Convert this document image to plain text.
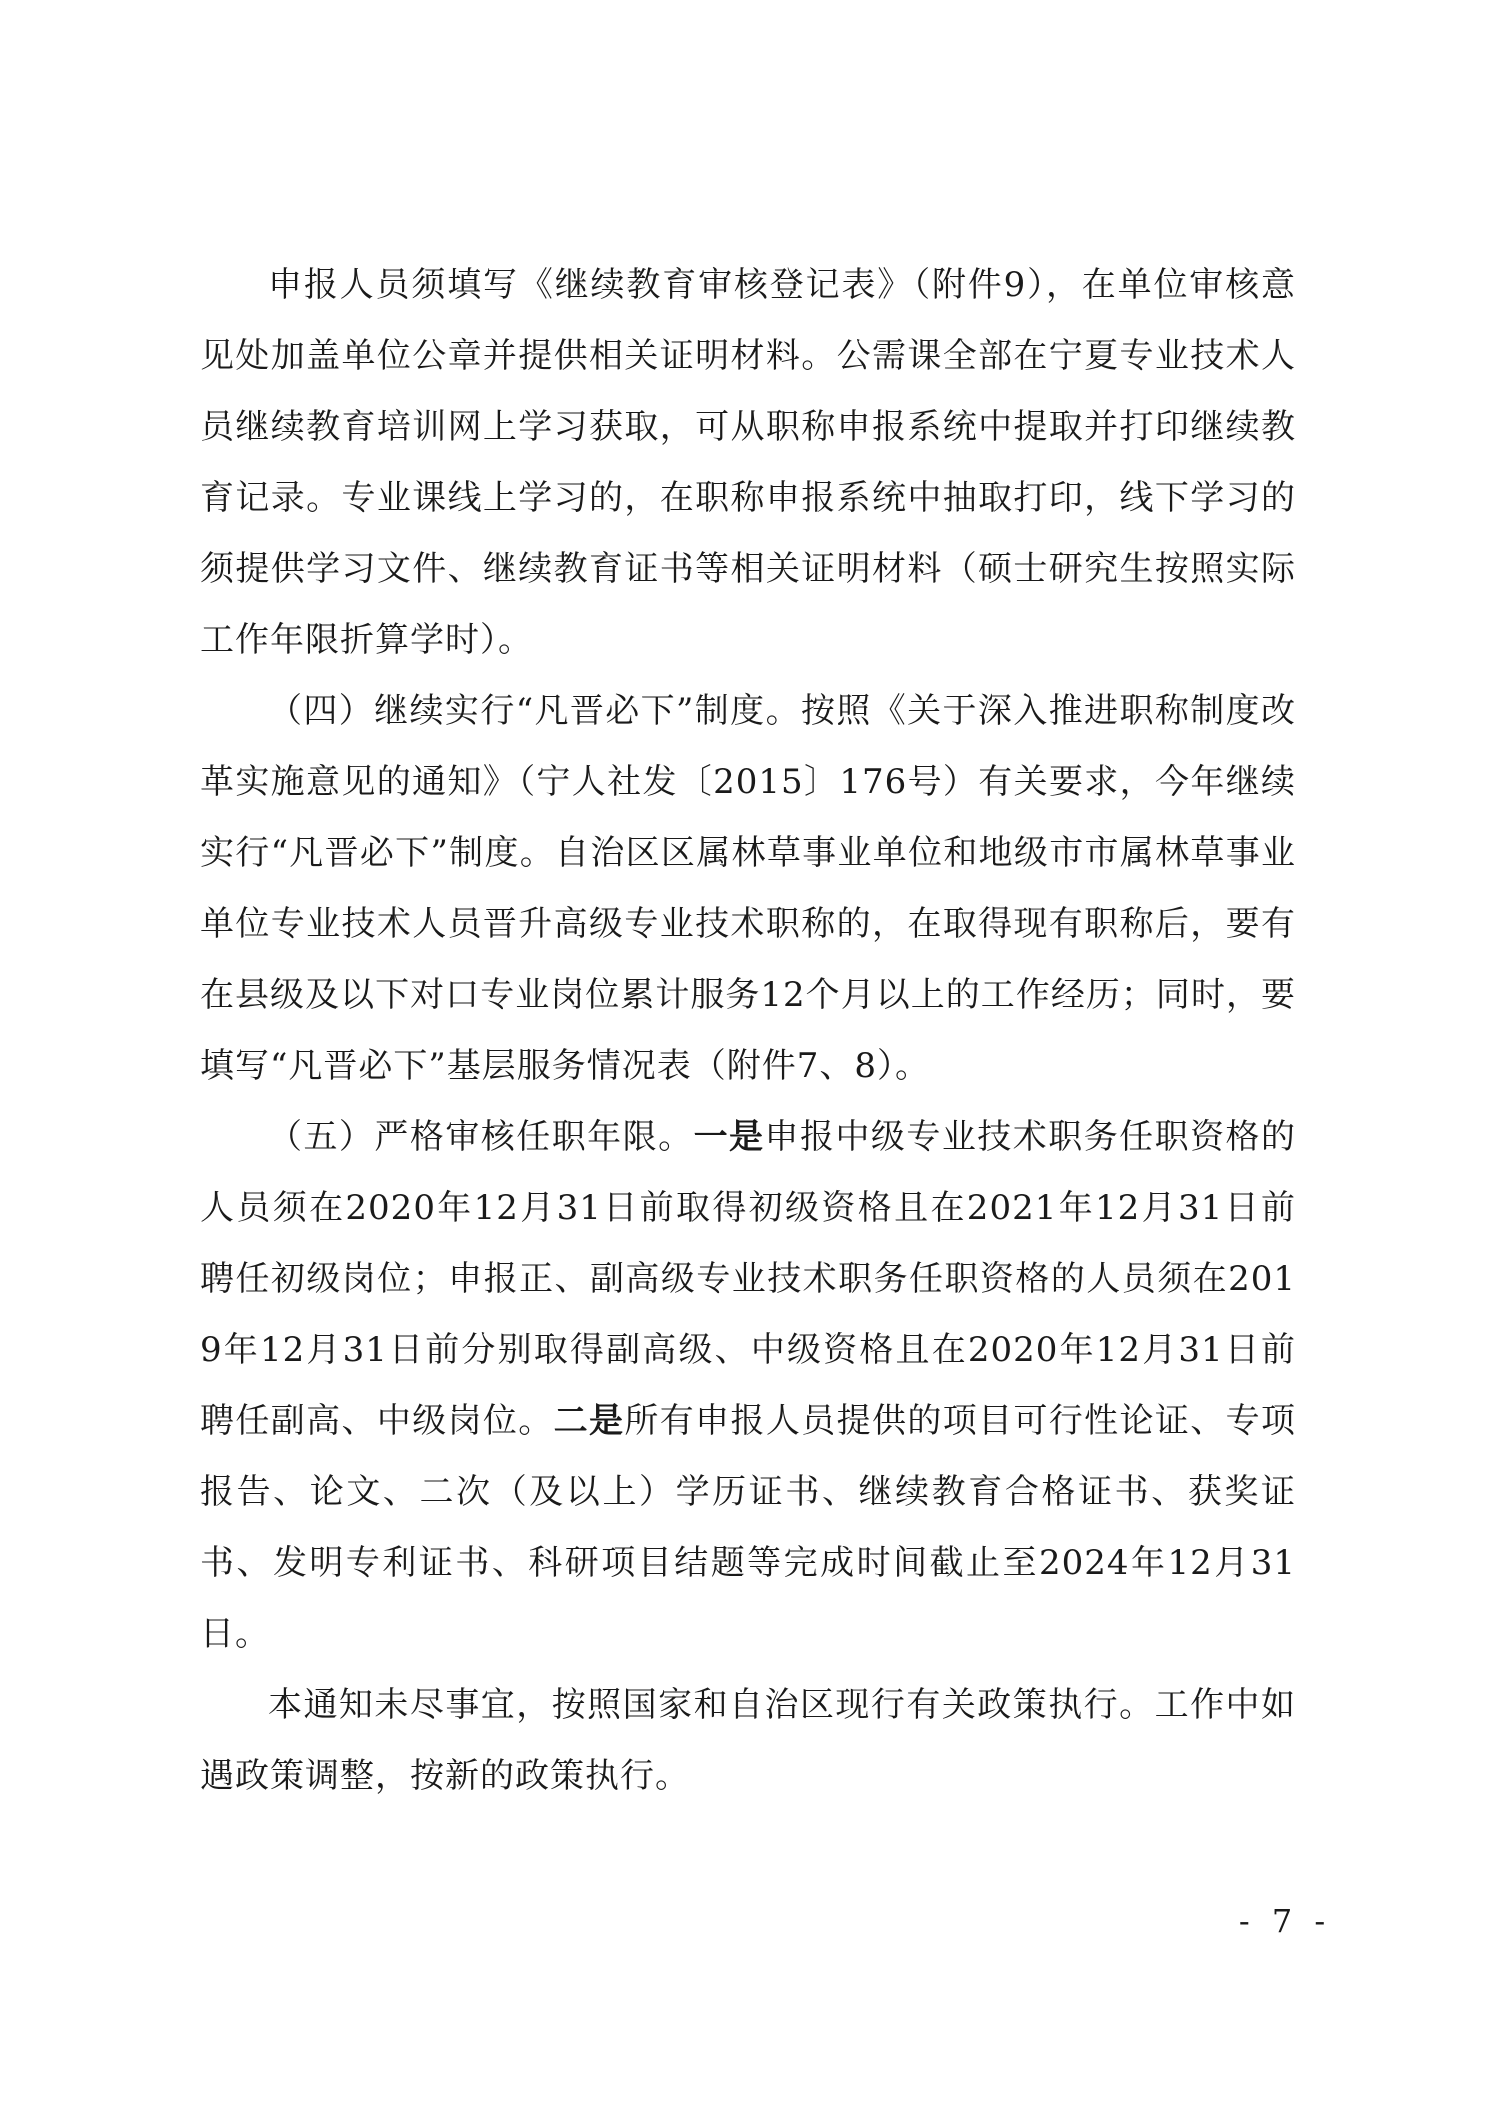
申报人员须填写《继续教育审核登记表》（附件9），在单位审核意见处加盖单位公章并提供相关证明材料。公需课全部在宁夏专业技术人员继续教育培训网上学习获取，可从职称申报系统中提取并打印继续教育记录。专业课线上学习的，在职称申报系统中抽取打印，线下学习的须提供学习文件、继续教育证书等相关证明材料（硕士研究生按照实际工作年限折算学时）。

（四）继续实行“凡晋必下”制度。按照《关于深入推进职称制度改革实施意见的通知》（宁人社发〔2015〕176号）有关要求，今年继续实行“凡晋必下”制度。自治区区属林草事业单位和地级市市属林草事业单位专业技术人员晋升高级专业技术职称的，在取得现有职称后，要有在县级及以下对口专业岗位累计服务12个月以上的工作经历；同时，要填写“凡晋必下”基层服务情况表（附件7、8）。

（五）严格审核任职年限。一是申报中级专业技术职务任职资格的人员须在2020年12月31日前取得初级资格且在2021年12月31日前聘任初级岗位；申报正、副高级专业技术职务任职资格的人员须在2019年12月31日前分别取得副高级、中级资格且在2020年12月31日前聘任副高、中级岗位。二是所有申报人员提供的项目可行性论证、专项报告、论文、二次（及以上）学历证书、继续教育合格证书、获奖证书、发明专利证书、科研项目结题等完成时间截止至2024年12月31日。

本通知未尽事宜，按照国家和自治区现行有关政策执行。工作中如遇政策调整，按新的政策执行。

- 7 -
